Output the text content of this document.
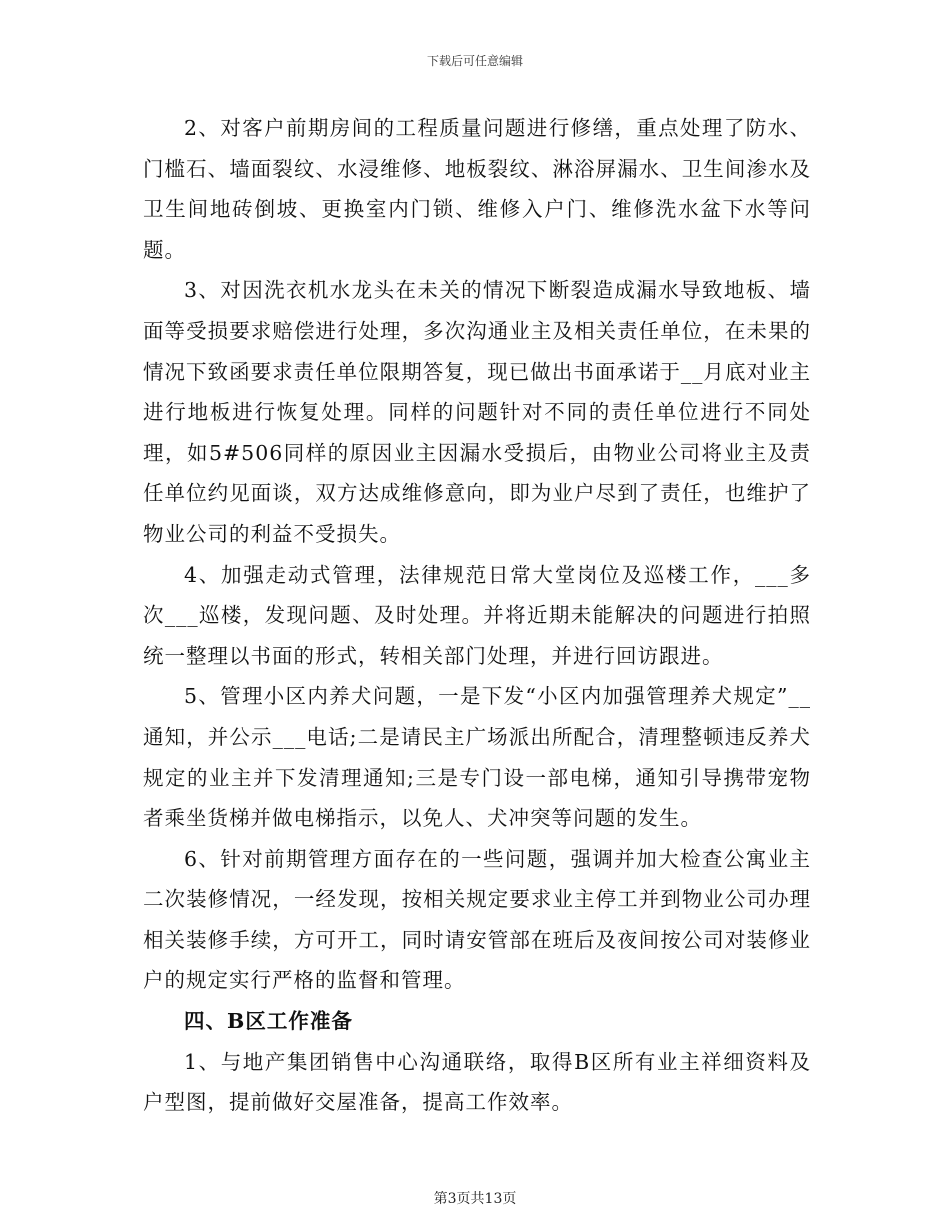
下载后可任意编辑

2、对客户前期房间的工程质量问题进行修缮，重点处理了防水、门槛石、墙面裂纹、水浸维修、地板裂纹、淋浴屏漏水、卫生间渗水及卫生间地砖倒坡、更换室内门锁、维修入户门、维修洗水盆下水等问题。

3、对因洗衣机水龙头在未关的情况下断裂造成漏水导致地板、墙面等受损要求赔偿进行处理，多次沟通业主及相关责任单位，在未果的情况下致函要求责任单位限期答复，现已做出书面承诺于__月底对业主进行地板进行恢复处理。同样的问题针对不同的责任单位进行不同处理，如5#506同样的原因业主因漏水受损后，由物业公司将业主及责任单位约见面谈，双方达成维修意向，即为业户尽到了责任，也维护了物业公司的利益不受损失。

4、加强走动式管理，法律规范日常大堂岗位及巡楼工作，___多次___巡楼，发现问题、及时处理。并将近期未能解决的问题进行拍照统一整理以书面的形式，转相关部门处理，并进行回访跟进。

5、管理小区内养犬问题，一是下发“小区内加强管理养犬规定”__通知，并公示___电话;二是请民主广场派出所配合，清理整顿违反养犬规定的业主并下发清理通知;三是专门设一部电梯，通知引导携带宠物者乘坐货梯并做电梯指示，以免人、犬冲突等问题的发生。

6、针对前期管理方面存在的一些问题，强调并加大检查公寓业主二次装修情况，一经发现，按相关规定要求业主停工并到物业公司办理相关装修手续，方可开工，同时请安管部在班后及夜间按公司对装修业户的规定实行严格的监督和管理。

四、B区工作准备

1、与地产集团销售中心沟通联络，取得B区所有业主祥细资料及户型图，提前做好交屋准备，提高工作效率。

第3页共13页
